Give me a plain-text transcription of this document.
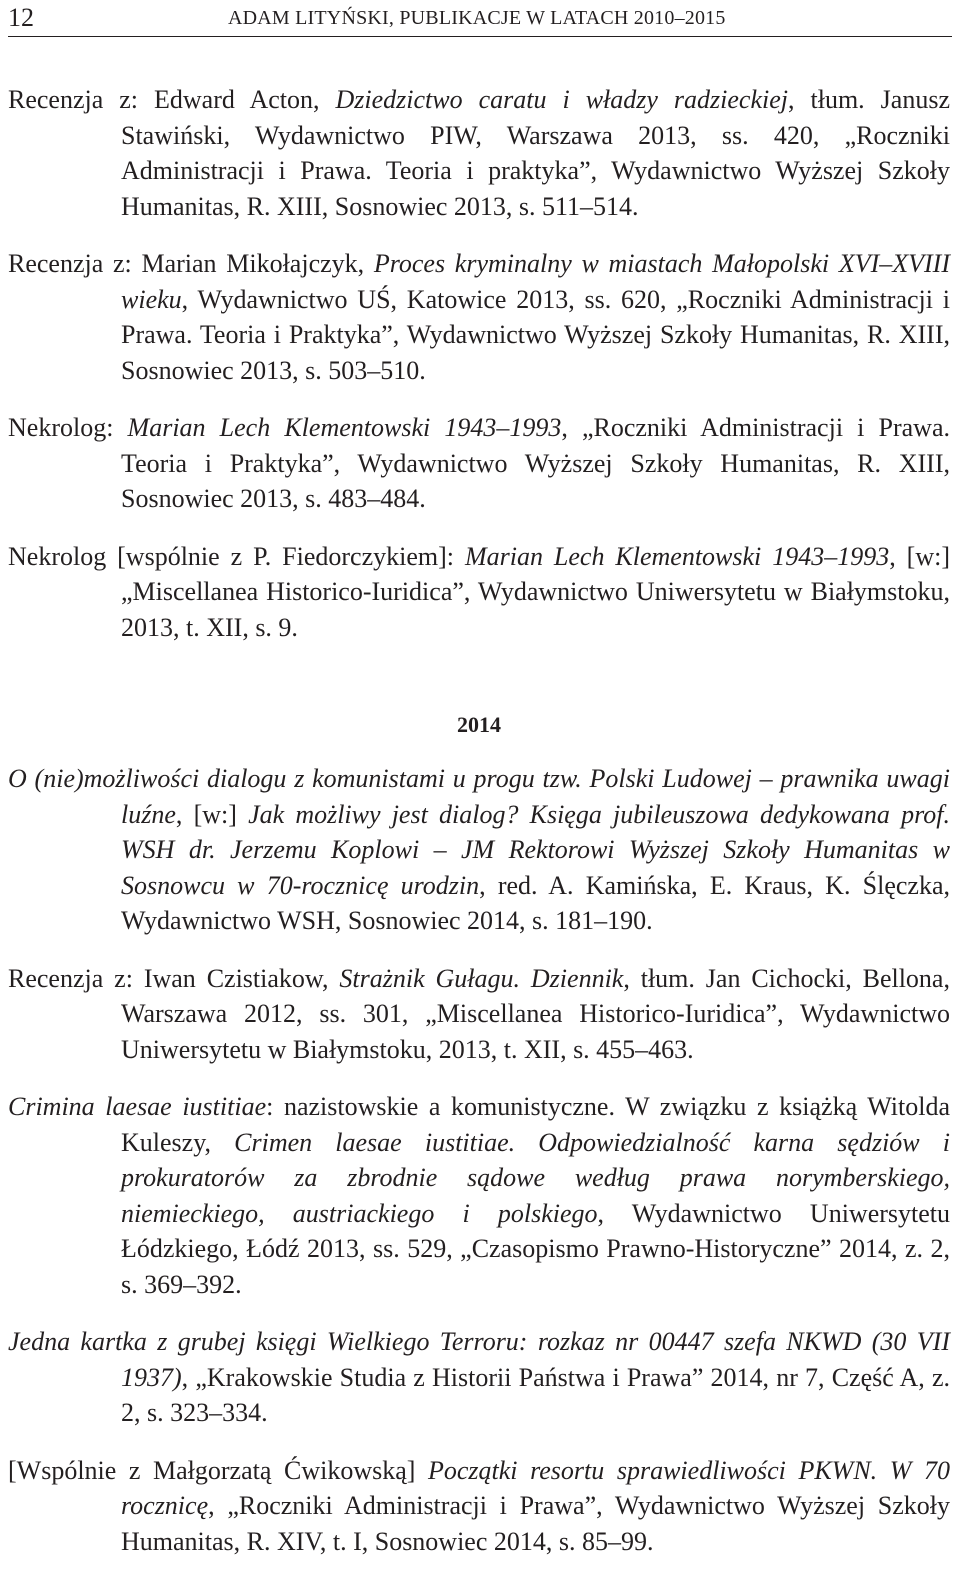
12	ADAM LITYŃSKI, PUBLIKACJE W LATACH 2010–2015

Recenzja z: Edward Acton, Dziedzictwo caratu i władzy radzieckiej, tłum. Janusz Stawiński, Wydawnictwo PIW, Warszawa 2013, ss. 420, „Roczniki Administracji i Prawa. Teoria i praktyka”, Wydawnictwo Wyższej Szkoły Humanitas, R. XIII, Sosnowiec 2013, s. 511–514.

Recenzja z: Marian Mikołajczyk, Proces kryminalny w miastach Małopolski XVI–XVIII wieku, Wydawnictwo UŚ, Katowice 2013, ss. 620, „Roczniki Administracji i Prawa. Teoria i Praktyka”, Wydawnictwo Wyższej Szkoły Humanitas, R. XIII, Sosnowiec 2013, s. 503–510.

Nekrolog: Marian Lech Klementowski 1943–1993, „Roczniki Administracji i Prawa. Teoria i Praktyka”, Wydawnictwo Wyższej Szkoły Humanitas, R. XIII, Sosnowiec 2013, s. 483–484.

Nekrolog [wspólnie z P. Fiedorczykiem]: Marian Lech Klementowski 1943–1993, [w:] „Miscellanea Historico-Iuridica”, Wydawnictwo Uniwersytetu w Białymstoku, 2013, t. XII, s. 9.

2014

O (nie)możliwości dialogu z komunistami u progu tzw. Polski Ludowej – prawnika uwagi luźne, [w:] Jak możliwy jest dialog? Księga jubileuszowa dedykowana prof. WSH dr. Jerzemu Koplowi – JM Rektorowi Wyższej Szkoły Humanitas w Sosnowcu w 70-rocznicę urodzin, red. A. Kamińska, E. Kraus, K. Ślęczka, Wydawnictwo WSH, Sosnowiec 2014, s. 181–190.

Recenzja z: Iwan Czistiakow, Strażnik Gułagu. Dziennik, tłum. Jan Cichocki, Bellona, Warszawa 2012, ss. 301, „Miscellanea Historico-Iuridica”, Wydawnictwo Uniwersytetu w Białymstoku, 2013, t. XII, s. 455–463.

Crimina laesae iustitiae: nazistowskie a komunistyczne. W związku z książką Witolda Kuleszy, Crimen laesae iustitiae. Odpowiedzialność karna sędziów i prokuratorów za zbrodnie sądowe według prawa norymberskiego, niemieckiego, austriackiego i polskiego, Wydawnictwo Uniwersytetu Łódzkiego, Łódź 2013, ss. 529, „Czasopismo Prawno-Historyczne” 2014, z. 2, s. 369–392.

Jedna kartka z grubej księgi Wielkiego Terroru: rozkaz nr 00447 szefa NKWD (30 VII 1937), „Krakowskie Studia z Historii Państwa i Prawa” 2014, nr 7, Część A, z. 2, s. 323–334.

[Wspólnie z Małgorzatą Ćwikowską] Początki resortu sprawiedliwości PKWN. W 70 rocznicę, „Roczniki Administracji i Prawa”, Wydawnictwo Wyższej Szkoły Humanitas, R. XIV, t. I, Sosnowiec 2014, s. 85–99.
